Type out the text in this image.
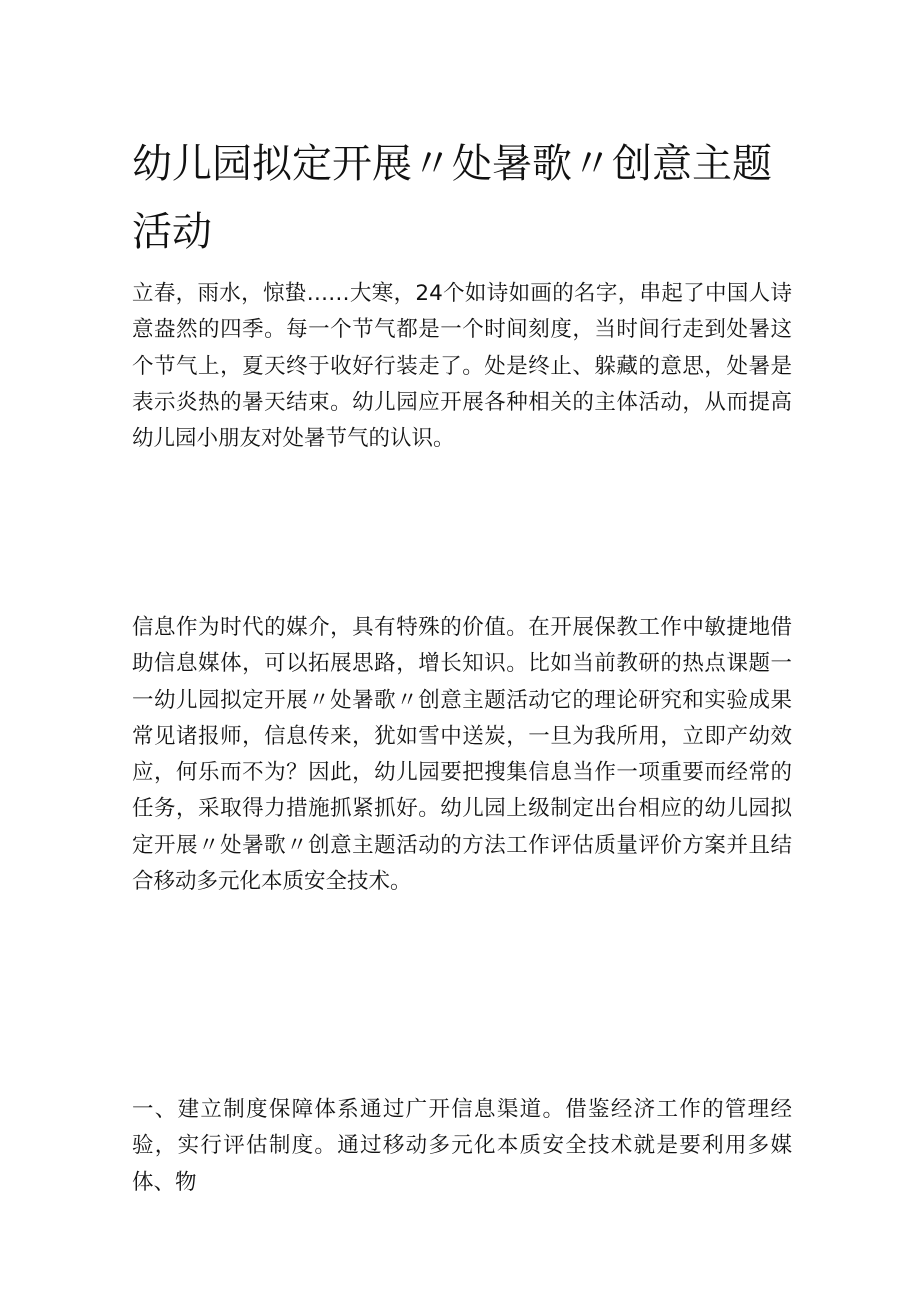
幼儿园拟定开展〃处暑歌〃创意主题活动

立春，雨水，惊蛰……大寒，24个如诗如画的名字，串起了中国人诗意盎然的四季。每一个节气都是一个时间刻度，当时间行走到处暑这个节气上，夏天终于收好行装走了。处是终止、躲藏的意思，处暑是表示炎热的暑天结束。幼儿园应开展各种相关的主体活动，从而提高幼儿园小朋友对处暑节气的认识。

信息作为时代的媒介，具有特殊的价值。在开展保教工作中敏捷地借助信息媒体，可以拓展思路，增长知识。比如当前教研的热点课题一一幼儿园拟定开展〃处暑歌〃创意主题活动它的理论研究和实验成果常见诸报师，信息传来，犹如雪中送炭，一旦为我所用，立即产幼效应，何乐而不为？因此，幼儿园要把搜集信息当作一项重要而经常的任务，采取得力措施抓紧抓好。幼儿园上级制定出台相应的幼儿园拟定开展〃处暑歌〃创意主题活动的方法工作评估质量评价方案并且结合移动多元化本质安全技术。

一、建立制度保障体系通过广开信息渠道。借鉴经济工作的管理经验，实行评估制度。通过移动多元化本质安全技术就是要利用多媒体、物
